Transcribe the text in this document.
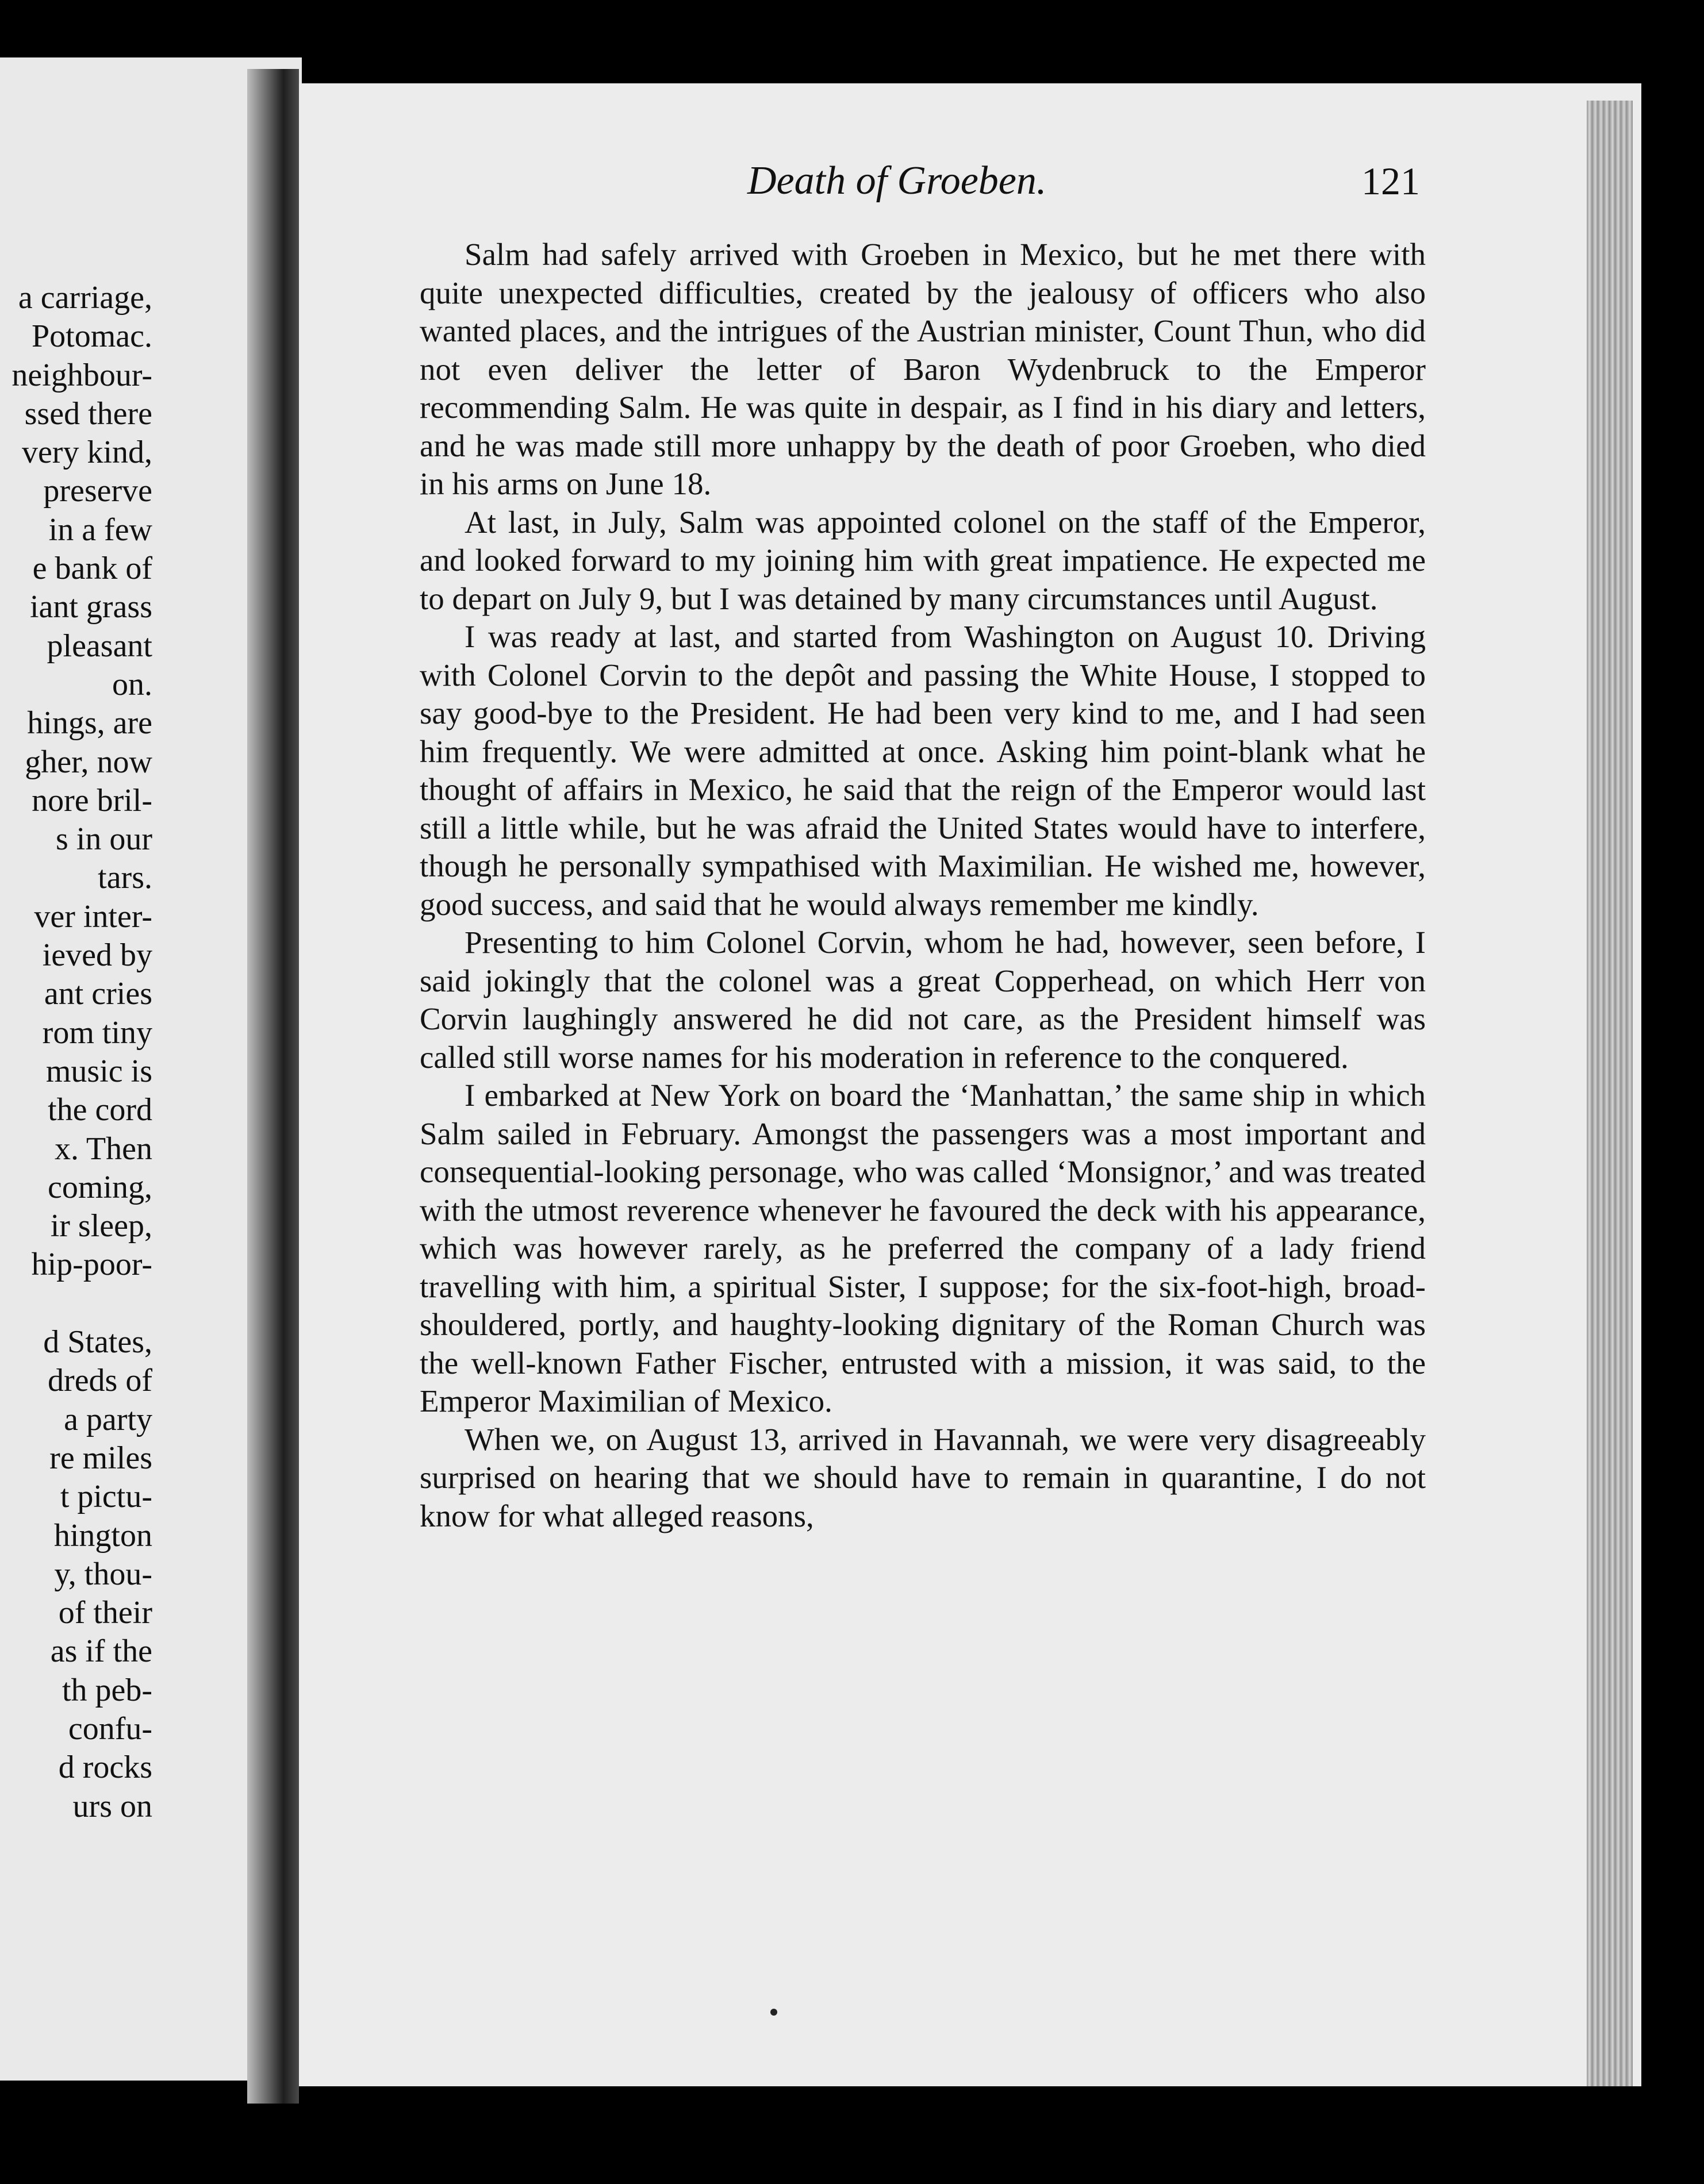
a carriage,
Potomac.
neighbour-
ssed there
very kind,
preserve
in a few
e bank of
iant grass
pleasant
on.
hings, are
gher, now
nore bril-
s in our
tars.
ver inter-
ieved by
ant cries
rom tiny
music is
the cord
x. Then
coming,
ir sleep,
hip-poor-
d States,
dreds of
a party
re miles
t pictu-
hington
y, thou-
of their
as if the
th peb-
confu-
d rocks
urs on
Death of Groeben.	121

Salm had safely arrived with Groeben in Mexico, but he met there with quite unexpected difficulties, created by the jealousy of officers who also wanted places, and the intrigues of the Austrian minister, Count Thun, who did not even deliver the letter of Baron Wydenbruck to the Emperor recommending Salm. He was quite in despair, as I find in his diary and letters, and he was made still more unhappy by the death of poor Groeben, who died in his arms on June 18.

At last, in July, Salm was appointed colonel on the staff of the Emperor, and looked forward to my joining him with great impatience. He expected me to depart on July 9, but I was detained by many circumstances until August.

I was ready at last, and started from Washington on August 10. Driving with Colonel Corvin to the depôt and passing the White House, I stopped to say good-bye to the President. He had been very kind to me, and I had seen him frequently. We were admitted at once. Asking him point-blank what he thought of affairs in Mexico, he said that the reign of the Emperor would last still a little while, but he was afraid the United States would have to interfere, though he personally sympathised with Maximilian. He wished me, however, good success, and said that he would always remember me kindly.

Presenting to him Colonel Corvin, whom he had, however, seen before, I said jokingly that the colonel was a great Copperhead, on which Herr von Corvin laughingly answered he did not care, as the President himself was called still worse names for his moderation in reference to the conquered.

I embarked at New York on board the ‘Manhattan,’ the same ship in which Salm sailed in February. Amongst the passengers was a most important and consequential-looking personage, who was called ‘Monsignor,’ and was treated with the utmost reverence whenever he favoured the deck with his appearance, which was however rarely, as he preferred the company of a lady friend travelling with him, a spiritual Sister, I suppose; for the six-foot-high, broad-shouldered, portly, and haughty-looking dignitary of the Roman Church was the well-known Father Fischer, entrusted with a mission, it was said, to the Emperor Maximilian of Mexico.

When we, on August 13, arrived in Havannah, we were very disagreeably surprised on hearing that we should have to remain in quarantine, I do not know for what alleged reasons,
